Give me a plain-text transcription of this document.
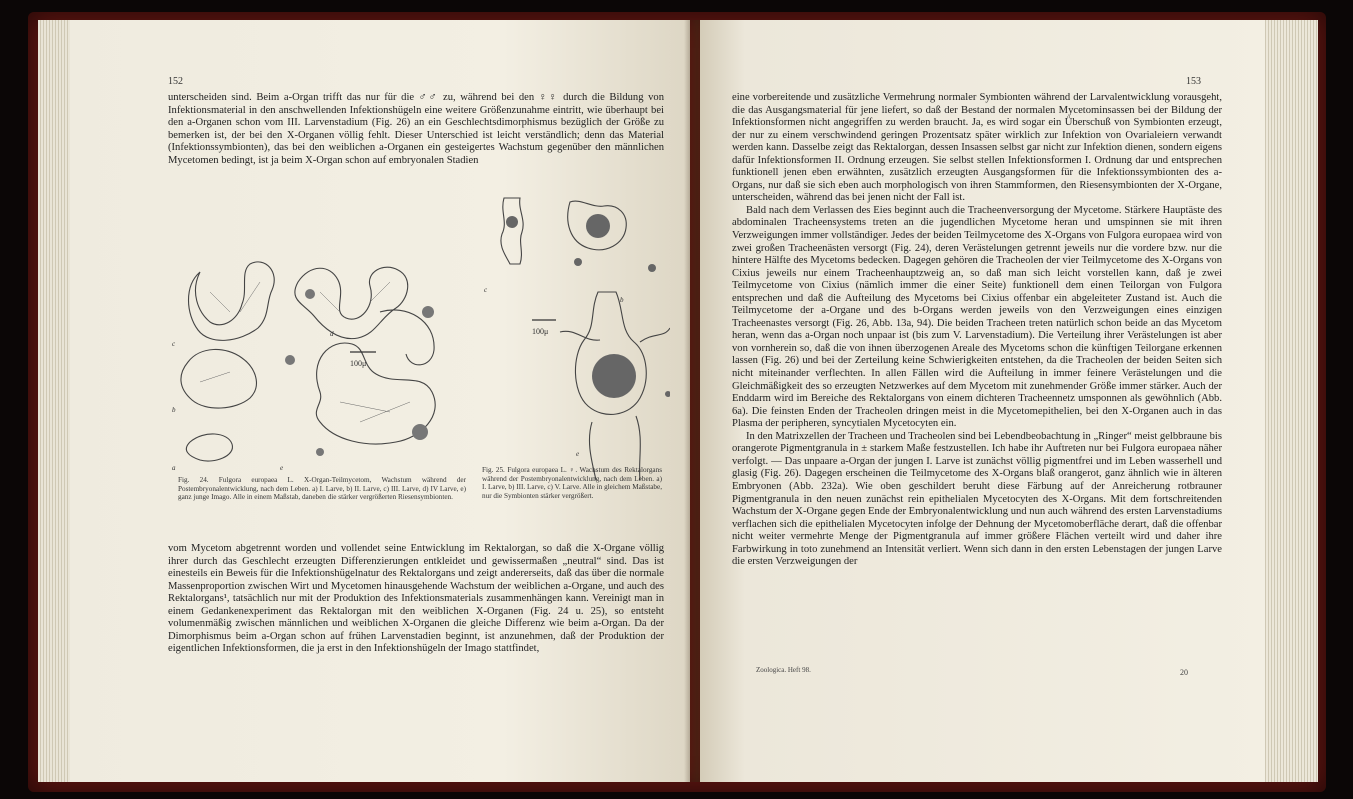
152

unterscheiden sind. Beim a-Organ trifft das nur für die ♂♂ zu, während bei den ♀♀ durch die Bildung von Infektionsmaterial in den anschwellenden Infektionshügeln eine weitere Größenzunahme eintritt, wie überhaupt bei den a-Organen schon vom III. Larvenstadium (Fig. 26) an ein Geschlechtsdimorphismus bezüglich der Größe zu bemerken ist, der bei den X-Organen völlig fehlt. Dieser Unterschied ist leicht verständlich; denn das Material (Infektionssymbionten), das bei den weiblichen a-Organen ein gesteigertes Wachstum gegenüber den männlichen Mycetomen bedingt, ist ja beim X-Organ schon auf embryonalen Stadien

100μ
c
d
b
a	e
Fig. 24. Fulgora europaea L. X-Organ-Teilmycetom, Wachstum während der Postembryonalentwicklung, nach dem Leben. a) I. Larve, b) II. Larve, c) III. Larve, d) IV Larve, e) ganz junge Imago. Alle in einem Maßstab, daneben die stärker vergrößerten Riesensymbionten.
100μ
c
b
e
Fig. 25. Fulgora europaea L. ♀. Wachstum des Rektalorgans während der Postembryonalentwicklung, nach dem Leben. a) I. Larve, b) III. Larve, c) V. Larve. Alle in gleichem Maßstabe, nur die Symbionten stärker vergrößert.

vom Mycetom abgetrennt worden und vollendet seine Entwicklung im Rektalorgan, so daß die X-Organe völlig ihrer durch das Geschlecht erzeugten Differenzierungen entkleidet und gewissermaßen „neutral“ sind. Das ist einesteils ein Beweis für die Infektionshügelnatur des Rektalorgans und zeigt andererseits, daß das über die normale Massenproportion zwischen Wirt und Mycetomen hinausgehende Wachstum der weiblichen a-Organe, und auch des Rektalorgans¹, tatsächlich nur mit der Produktion des Infektionsmaterials zusammenhängen kann. Vereinigt man in einem Gedankenexperiment das Rektalorgan mit den weiblichen X-Organen (Fig. 24 u. 25), so entsteht volumenmäßig zwischen männlichen und weiblichen X-Organen die gleiche Differenz wie beim a-Organ. Da der Dimorphismus beim a-Organ schon auf frühen Larvenstadien beginnt, ist anzunehmen, daß der Produktion der eigentlichen Infektionsformen, die ja erst in den Infektionshügeln der Imago stattfindet,

153

eine vorbereitende und zusätzliche Vermehrung normaler Symbionten während der Larvalentwicklung vorausgeht, die das Ausgangsmaterial für jene liefert, so daß der Bestand der normalen Mycetominsassen bei der Bildung der Infektionsformen nicht angegriffen zu werden braucht. Ja, es wird sogar ein Überschuß von Symbionten erzeugt, der nur zu einem verschwindend geringen Prozentsatz später wirklich zur Infektion von Ovarialeiern verwandt werden kann. Dasselbe zeigt das Rektalorgan, dessen Insassen selbst gar nicht zur Infektion dienen, sondern eigens dafür Infektionsformen II. Ordnung erzeugen. Sie selbst stellen Infektionsformen I. Ordnung dar und entsprechen funktionell jenen eben erwähnten, zusätzlich erzeugten Ausgangsformen für die Infektionssymbionten des a-Organs, nur daß sie sich eben auch morphologisch von ihren Stammformen, den Riesensymbionten der X-Organe, unterscheiden, während das bei jenen nicht der Fall ist.

Bald nach dem Verlassen des Eies beginnt auch die Tracheenversorgung der Mycetome. Stärkere Hauptäste des abdominalen Tracheensystems treten an die jugendlichen Mycetome heran und umspinnen sie mit ihren Verzweigungen immer vollständiger. Jedes der beiden Teilmycetome des X-Organs von Fulgora europaea wird von zwei großen Tracheenästen versorgt (Fig. 24), deren Verästelungen getrennt jeweils nur die vordere bzw. nur die hintere Hälfte des Mycetoms bedecken. Dagegen gehören die Tracheolen der vier Teilmycetome des X-Organs von Cixius jeweils nur einem Tracheenhauptzweig an, so daß man sich leicht vorstellen kann, daß je zwei Teilmycetome von Cixius (nämlich immer die einer Seite) funktionell dem einen Teilorgan von Fulgora entsprechen und daß die Aufteilung des Mycetoms bei Cixius offenbar ein abgeleiteter Zustand ist. Auch die Teilmycetome der a-Organe und des b-Organs werden jeweils von den Verzweigungen eines einzigen Tracheenastes versorgt (Fig. 26, Abb. 13a, 94). Die beiden Tracheen treten natürlich schon beide an das Mycetom heran, wenn das a-Organ noch unpaar ist (bis zum V. Larvenstadium). Die Verteilung ihrer Verästelungen ist aber von vornherein so, daß die von ihnen überzogenen Areale des Mycetoms schon die künftigen Teilorgane erkennen lassen (Fig. 26) und bei der Zerteilung keine Schwierigkeiten entstehen, da die Tracheolen der beiden Seiten sich nicht miteinander verflechten. In allen Fällen wird die Aufteilung in immer feinere Verästelungen und die Gleichmäßigkeit des so erzeugten Netzwerkes auf dem Mycetom mit zunehmender Größe immer stärker. Auch der Enddarm wird im Bereiche des Rektalorgans von einem dichteren Tracheennetz umsponnen als gewöhnlich (Abb. 6a). Die feinsten Enden der Tracheolen dringen meist in die Mycetomepithelien, bei den X-Organen auch in das Plasma der peripheren, syncytialen Mycetocyten ein.

In den Matrixzellen der Tracheen und Tracheolen sind bei Lebendbeobachtung in „Ringer“ meist gelbbraune bis orangerote Pigmentgranula in ± starkem Maße festzustellen. Ich habe ihr Auftreten nur bei Fulgora europaea näher verfolgt. — Das unpaare a-Organ der jungen I. Larve ist zunächst völlig pigmentfrei und im Leben wasserhell und glasig (Fig. 26). Dagegen erscheinen die Teilmycetome des X-Organs blaß orangerot, ganz ähnlich wie in älteren Embryonen (Abb. 232a). Wie oben geschildert beruht diese Färbung auf der Anreicherung rotbrauner Pigmentgranula in den neuen zunächst rein epithelialen Mycetocyten des X-Organs. Mit dem fortschreitenden Wachstum der X-Organe gegen Ende der Embryonalentwicklung und nun auch während des ersten Larvenstadiums verflachen sich die epithelialen Mycetocyten infolge der Dehnung der Mycetomoberfläche derart, daß die offenbar nicht weiter vermehrte Menge der Pigmentgranula auf immer größere Flächen verteilt wird und daher ihre Farbwirkung in toto zunehmend an Intensität verliert. Wenn sich dann in den ersten Lebenstagen der jungen Larve die ersten Verzweigungen der

Zoologica. Heft 98.	20
